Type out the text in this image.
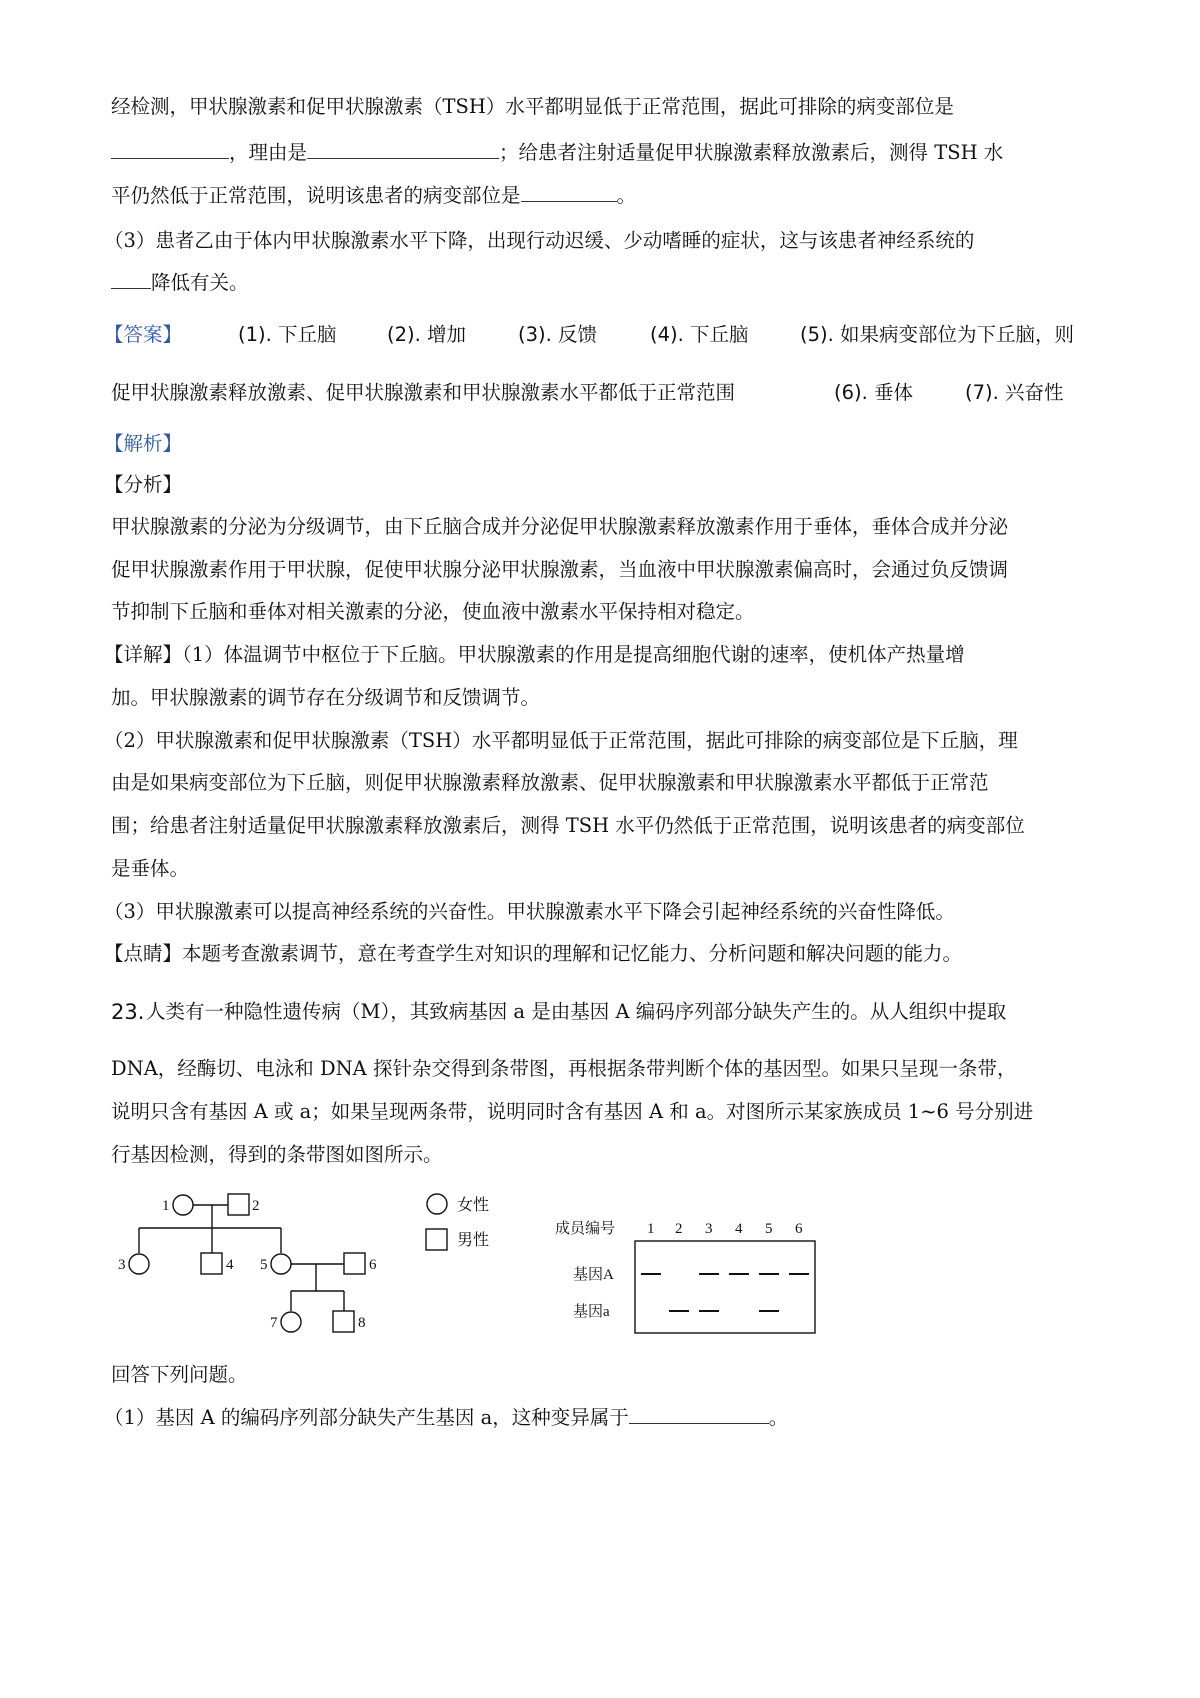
经检测，甲状腺激素和促甲状腺激素（TSH）水平都明显低于正常范围，据此可排除的病变部位是
，理由是	；给患者注射适量促甲状腺激素释放激素后，测得 TSH 水
平仍然低于正常范围，说明该患者的病变部位是	。
（3）患者乙由于体内甲状腺激素水平下降，出现行动迟缓、少动嗜睡的症状，这与该患者神经系统的
降低有关。
【答案】	(1). 下丘脑	(2). 增加	(3). 反馈	(4). 下丘脑	(5). 如果病变部位为下丘脑，则
促甲状腺激素释放激素、促甲状腺激素和甲状腺激素水平都低于正常范围	(6). 垂体	(7). 兴奋性
【解析】
【分析】
甲状腺激素的分泌为分级调节，由下丘脑合成并分泌促甲状腺激素释放激素作用于垂体，垂体合成并分泌
促甲状腺激素作用于甲状腺，促使甲状腺分泌甲状腺激素，当血液中甲状腺激素偏高时，会通过负反馈调
节抑制下丘脑和垂体对相关激素的分泌，使血液中激素水平保持相对稳定。
【详解】（1）体温调节中枢位于下丘脑。甲状腺激素的作用是提高细胞代谢的速率，使机体产热量增
加。甲状腺激素的调节存在分级调节和反馈调节。
（2）甲状腺激素和促甲状腺激素（TSH）水平都明显低于正常范围，据此可排除的病变部位是下丘脑，理
由是如果病变部位为下丘脑，则促甲状腺激素释放激素、促甲状腺激素和甲状腺激素水平都低于正常范
围；给患者注射适量促甲状腺激素释放激素后，测得 TSH 水平仍然低于正常范围，说明该患者的病变部位
是垂体。
（3）甲状腺激素可以提高神经系统的兴奋性。甲状腺激素水平下降会引起神经系统的兴奋性降低。
【点睛】本题考查激素调节，意在考查学生对知识的理解和记忆能力、分析问题和解决问题的能力。
23. 人类有一种隐性遗传病（M），其致病基因 a 是由基因 A 编码序列部分缺失产生的。从人组织中提取
DNA，经酶切、电泳和 DNA 探针杂交得到条带图，再根据条带判断个体的基因型。如果只呈现一条带，
说明只含有基因 A 或 a；如果呈现两条带，说明同时含有基因 A 和 a。对图所示某家族成员 1~6 号分别进
行基因检测，得到的条带图如图所示。
1	2
3	4 5	6
7	8
女性
男性
成员编号 1 2 3 4 5 6
基因A
基因a
回答下列问题。
（1）基因 A 的编码序列部分缺失产生基因 a，这种变异属于	。
